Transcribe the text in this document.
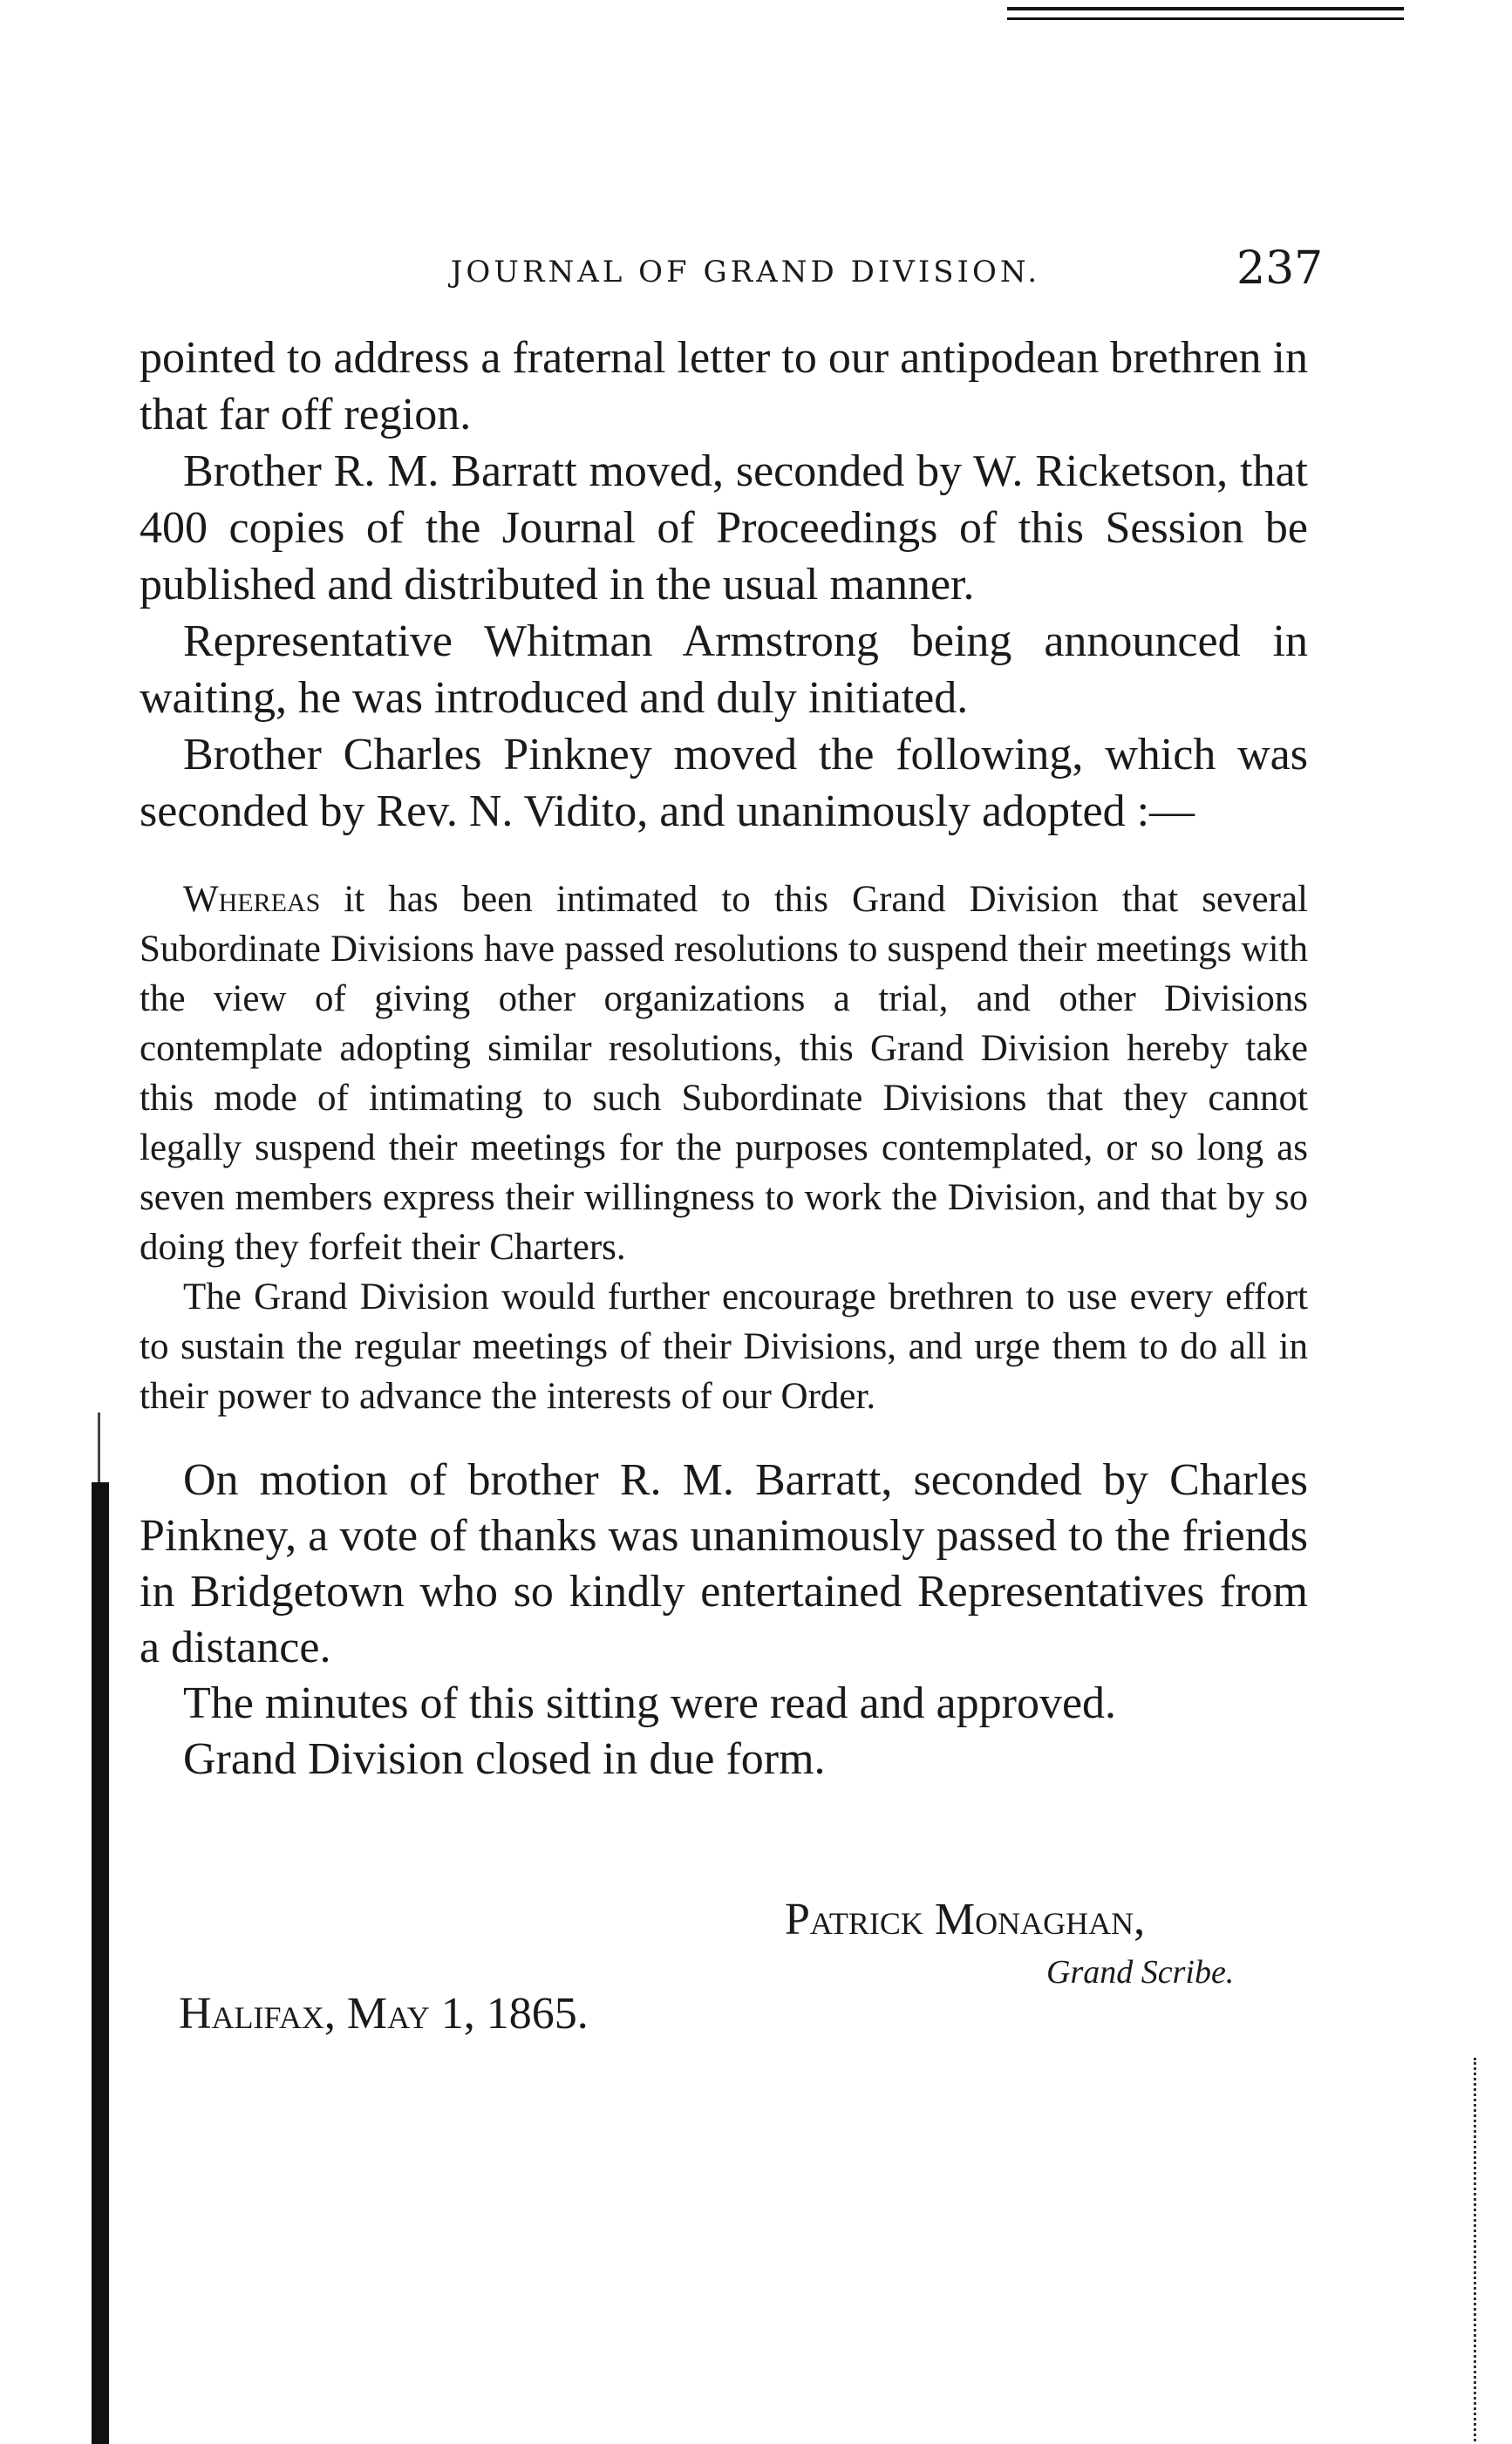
JOURNAL OF GRAND DIVISION.	237

pointed to address a fraternal letter to our antipodean brethren in that far off region.

Brother R. M. Barratt moved, seconded by W. Ricketson, that 400 copies of the Journal of Proceedings of this Session be published and distributed in the usual manner.

Representative Whitman Armstrong being announced in waiting, he was introduced and duly initiated.

Brother Charles Pinkney moved the following, which was seconded by Rev. N. Vidito, and unanimously adopted :—

Whereas it has been intimated to this Grand Division that several Subordinate Divisions have passed resolutions to suspend their meetings with the view of giving other organizations a trial, and other Divisions contemplate adopting similar resolutions, this Grand Division hereby take this mode of intimating to such Subordinate Divisions that they cannot legally suspend their meetings for the purposes contemplated, or so long as seven members express their willingness to work the Division, and that by so doing they forfeit their Charters.

The Grand Division would further encourage brethren to use every effort to sustain the regular meetings of their Divisions, and urge them to do all in their power to advance the interests of our Order.

On motion of brother R. M. Barratt, seconded by Charles Pinkney, a vote of thanks was unanimously passed to the friends in Bridgetown who so kindly entertained Representatives from a distance.

The minutes of this sitting were read and approved.

Grand Division closed in due form.

Patrick Monaghan,
Grand Scribe.
Halifax, May 1, 1865.
